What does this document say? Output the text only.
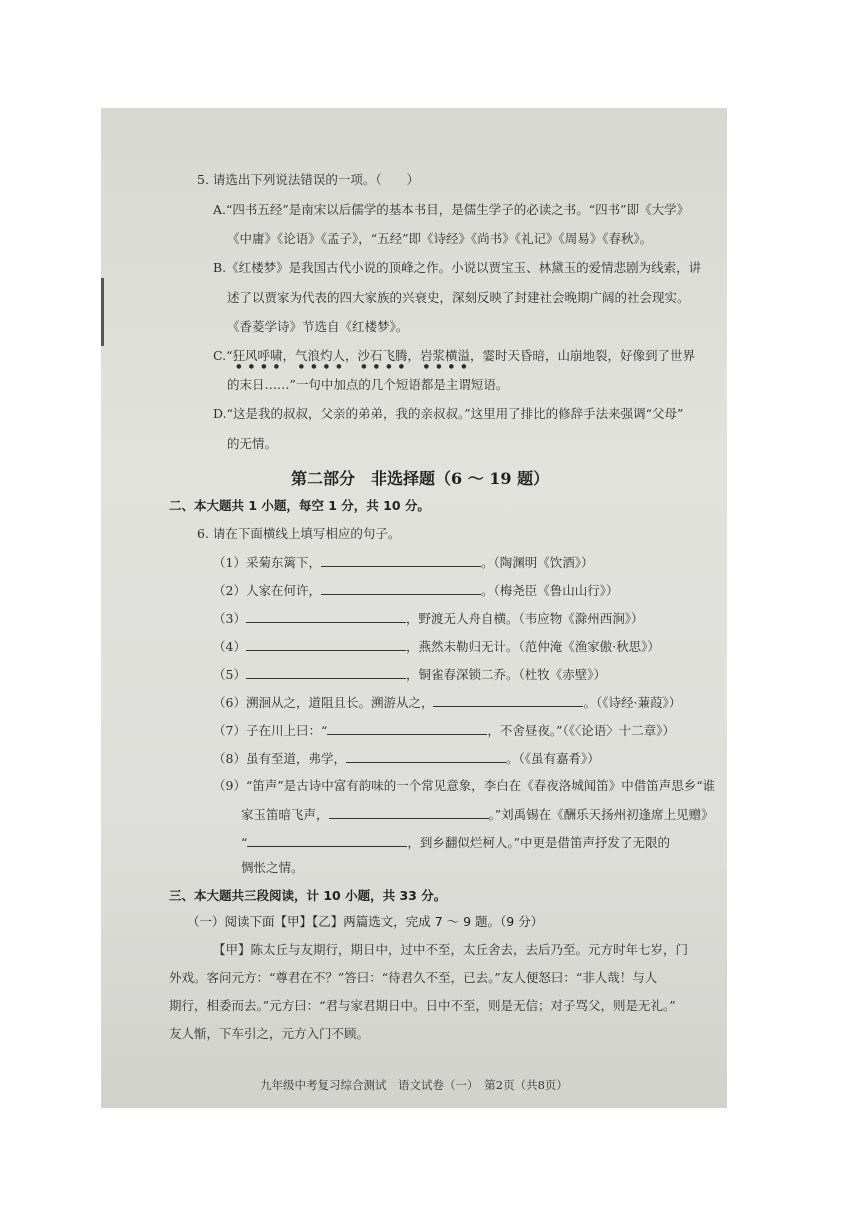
5. 请选出下列说法错误的一项。（　　）
A.“四书五经”是南宋以后儒学的基本书目，是儒生学子的必读之书。“四书”即《大学》
《中庸》《论语》《孟子》，“五经”即《诗经》《尚书》《礼记》《周易》《春秋》。
B.《红楼梦》是我国古代小说的顶峰之作。小说以贾宝玉、林黛玉的爱情悲剧为线索，讲
述了以贾家为代表的四大家族的兴衰史，深刻反映了封建社会晚期广阔的社会现实。
《香菱学诗》节选自《红楼梦》。
C.“狂风呼啸，气浪灼人，沙石飞腾，岩浆横溢，霎时天昏暗，山崩地裂，好像到了世界
的末日……”一句中加点的几个短语都是主谓短语。
D.“这是我的叔叔，父亲的弟弟，我的亲叔叔。”这里用了排比的修辞手法来强调“父母”
的无情。
第二部分　非选择题（6 ～ 19 题）
二、本大题共 1 小题，每空 1 分，共 10 分。
6. 请在下面横线上填写相应的句子。
（1）采菊东篱下，	。（陶渊明《饮酒》）
（2）人家在何许，	。（梅尧臣《鲁山山行》）
（3）	，野渡无人舟自横。（韦应物《滁州西涧》）
（4）	，燕然未勒归无计。（范仲淹《渔家傲·秋思》）
（5）	，铜雀春深锁二乔。（杜牧《赤壁》）
（6）溯洄从之，道阻且长。溯游从之，	。（《诗经·蒹葭》）
（7）子在川上曰：“	，不舍昼夜。”（《〈论语〉十二章》）
（8）虽有至道，弗学，	。（《虽有嘉肴》）
（9）“笛声”是古诗中富有韵味的一个常见意象，李白在《春夜洛城闻笛》中借笛声思乡“谁
家玉笛暗飞声，	。”刘禹锡在《酬乐天扬州初逢席上见赠》
“	，到乡翻似烂柯人。”中更是借笛声抒发了无限的
惆怅之情。
三、本大题共三段阅读，计 10 小题，共 33 分。
（一）阅读下面【甲】【乙】两篇选文，完成 7 ～ 9 题。（9 分）
【甲】陈太丘与友期行，期日中，过中不至，太丘舍去，去后乃至。元方时年七岁，门
外戏。客问元方：“尊君在不？”答曰：“待君久不至，已去。”友人便怒曰：“非人哉！与人
期行，相委而去。”元方曰：“君与家君期日中。日中不至，则是无信；对子骂父，则是无礼。”
友人惭，下车引之，元方入门不顾。
九年级中考复习综合测试　语文试卷（一）　第2页（共8页）
